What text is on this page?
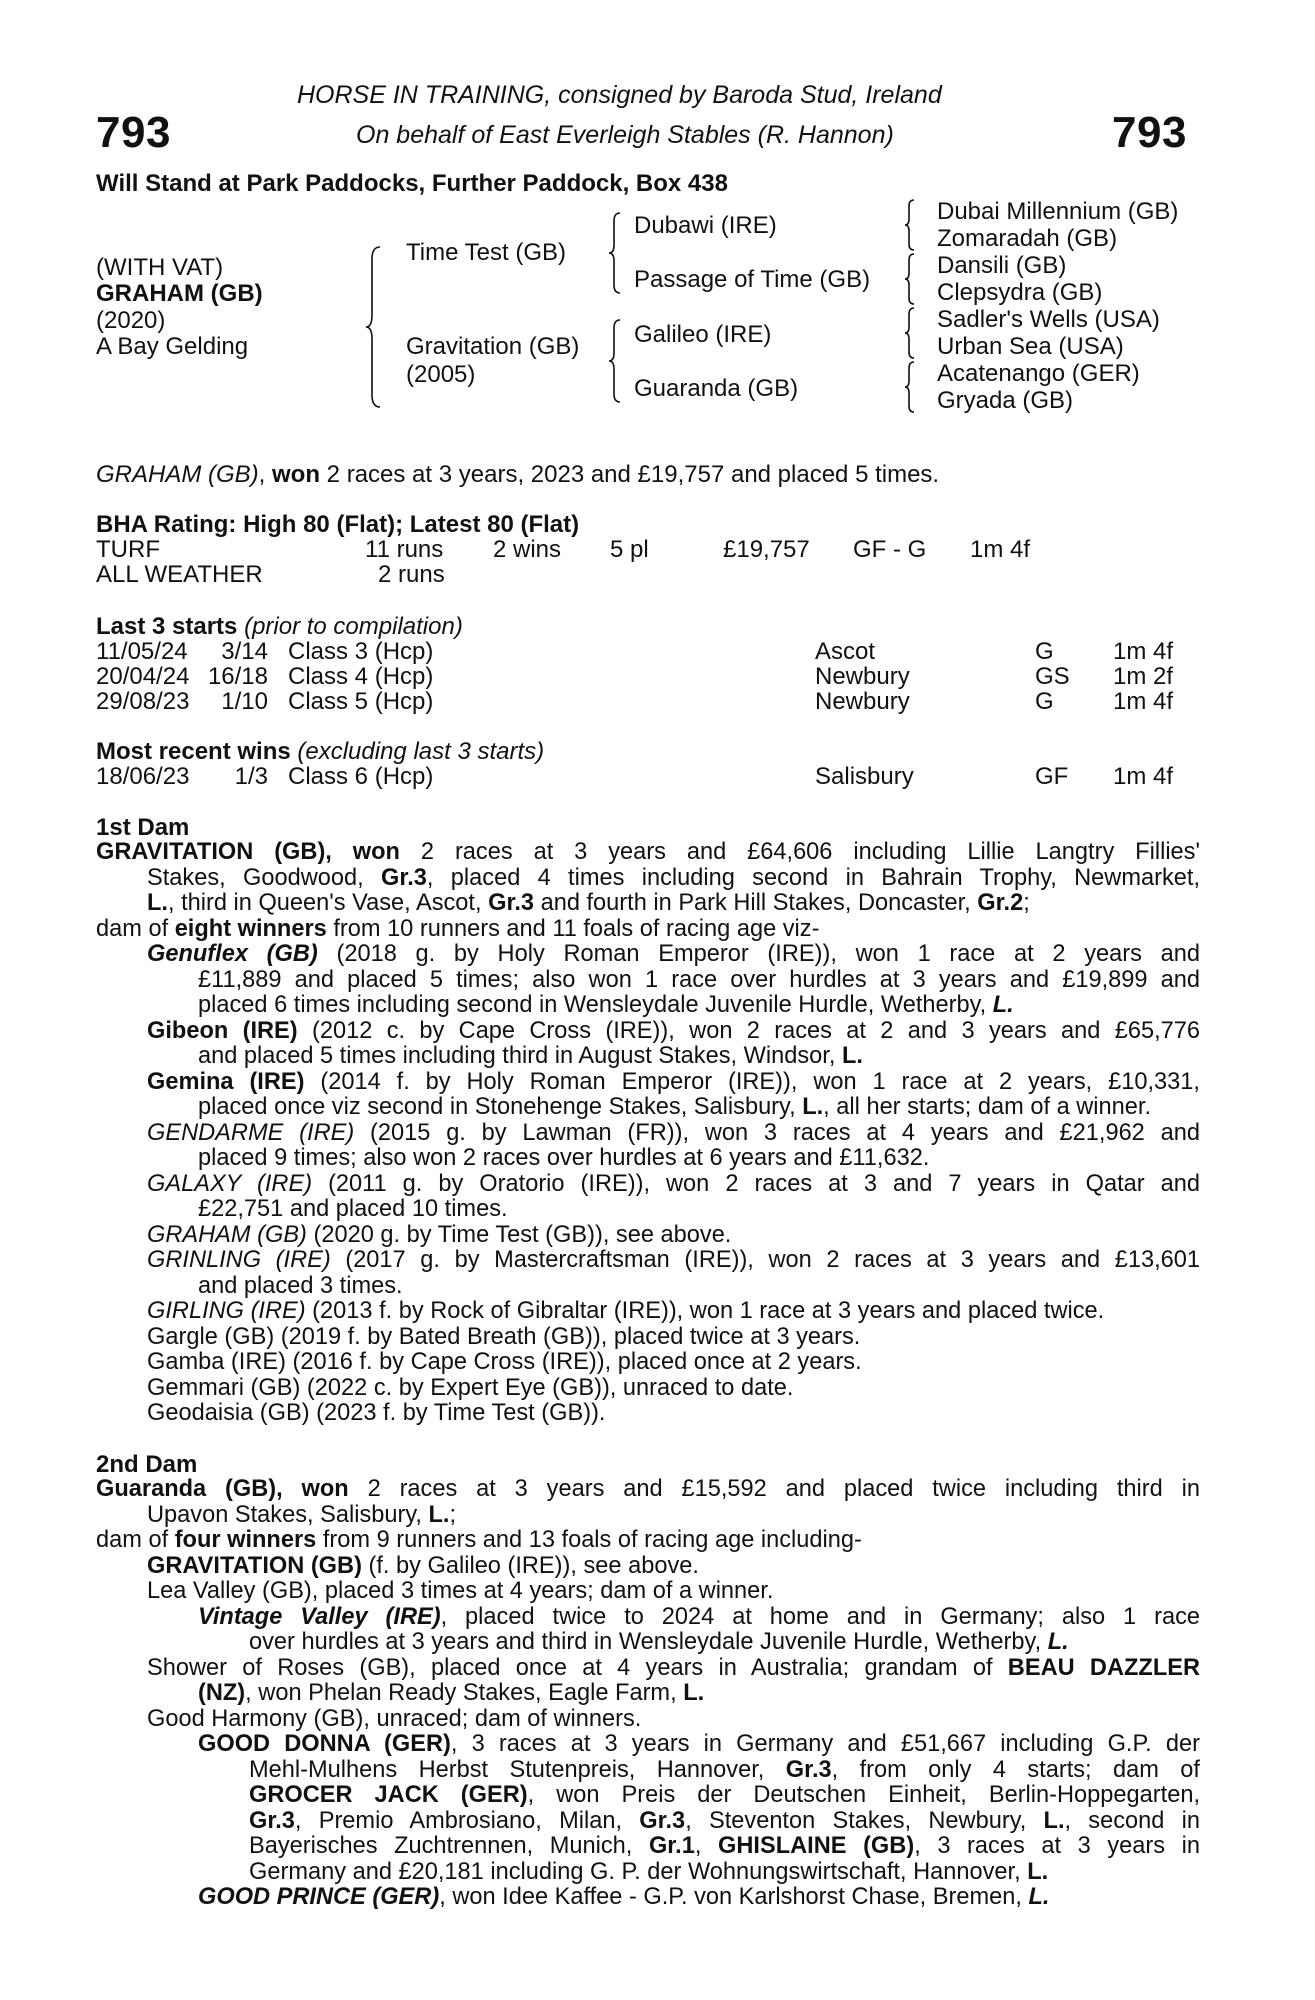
793	793
HORSE IN TRAINING, consigned by Baroda Stud, Ireland
On behalf of East Everleigh Stables (R. Hannon)
Will Stand at Park Paddocks, Further Paddock, Box 438
(WITH VAT)
GRAHAM (GB)
(2020)
A Bay Gelding
Time Test (GB)
Gravitation (GB)
(2005)
Dubawi (IRE)
Passage of Time (GB)
Galileo (IRE)
Guaranda (GB)
Dubai Millennium (GB)
Zomaradah (GB)
Dansili (GB)
Clepsydra (GB)
Sadler's Wells (USA)
Urban Sea (USA)
Acatenango (GER)
Gryada (GB)
GRAHAM (GB), won 2 races at 3 years, 2023 and £19,757 and placed 5 times.
BHA Rating: High 80 (Flat); Latest 80 (Flat)
TURF	11 runs 2 wins 5 pl	£19,757 GF - G 1m 4f
ALL WEATHER	2 runs
Last 3 starts (prior to compilation)
11/05/24 3/14 Class 3 (Hcp)	Ascot	G 1m 4f
20/04/24 16/18 Class 4 (Hcp)	Newbury	GS 1m 2f
29/08/23 1/10 Class 5 (Hcp)	Newbury	G 1m 4f
Most recent wins (excluding last 3 starts)
18/06/23 1/3 Class 6 (Hcp)	Salisbury	GF 1m 4f
1st Dam
GRAVITATION (GB), won 2 races at 3 years and £64,606 including Lillie Langtry Fillies'
Stakes, Goodwood, Gr.3, placed 4 times including second in Bahrain Trophy, Newmarket,
L., third in Queen's Vase, Ascot, Gr.3 and fourth in Park Hill Stakes, Doncaster, Gr.2;
dam of eight winners from 10 runners and 11 foals of racing age viz-
Genuflex (GB) (2018 g. by Holy Roman Emperor (IRE)), won 1 race at 2 years and
£11,889 and placed 5 times; also won 1 race over hurdles at 3 years and £19,899 and
placed 6 times including second in Wensleydale Juvenile Hurdle, Wetherby, L.
Gibeon (IRE) (2012 c. by Cape Cross (IRE)), won 2 races at 2 and 3 years and £65,776
and placed 5 times including third in August Stakes, Windsor, L.
Gemina (IRE) (2014 f. by Holy Roman Emperor (IRE)), won 1 race at 2 years, £10,331,
placed once viz second in Stonehenge Stakes, Salisbury, L., all her starts; dam of a winner.
GENDARME (IRE) (2015 g. by Lawman (FR)), won 3 races at 4 years and £21,962 and
placed 9 times; also won 2 races over hurdles at 6 years and £11,632.
GALAXY (IRE) (2011 g. by Oratorio (IRE)), won 2 races at 3 and 7 years in Qatar and
£22,751 and placed 10 times.
GRAHAM (GB) (2020 g. by Time Test (GB)), see above.
GRINLING (IRE) (2017 g. by Mastercraftsman (IRE)), won 2 races at 3 years and £13,601
and placed 3 times.
GIRLING (IRE) (2013 f. by Rock of Gibraltar (IRE)), won 1 race at 3 years and placed twice.
Gargle (GB) (2019 f. by Bated Breath (GB)), placed twice at 3 years.
Gamba (IRE) (2016 f. by Cape Cross (IRE)), placed once at 2 years.
Gemmari (GB) (2022 c. by Expert Eye (GB)), unraced to date.
Geodaisia (GB) (2023 f. by Time Test (GB)).
2nd Dam
Guaranda (GB), won 2 races at 3 years and £15,592 and placed twice including third in
Upavon Stakes, Salisbury, L.;
dam of four winners from 9 runners and 13 foals of racing age including-
GRAVITATION (GB) (f. by Galileo (IRE)), see above.
Lea Valley (GB), placed 3 times at 4 years; dam of a winner.
Vintage Valley (IRE), placed twice to 2024 at home and in Germany; also 1 race
over hurdles at 3 years and third in Wensleydale Juvenile Hurdle, Wetherby, L.
Shower of Roses (GB), placed once at 4 years in Australia; grandam of BEAU DAZZLER
(NZ), won Phelan Ready Stakes, Eagle Farm, L.
Good Harmony (GB), unraced; dam of winners.
GOOD DONNA (GER), 3 races at 3 years in Germany and £51,667 including G.P. der
Mehl-Mulhens Herbst Stutenpreis, Hannover, Gr.3, from only 4 starts; dam of
GROCER JACK (GER), won Preis der Deutschen Einheit, Berlin-Hoppegarten,
Gr.3, Premio Ambrosiano, Milan, Gr.3, Steventon Stakes, Newbury, L., second in
Bayerisches Zuchtrennen, Munich, Gr.1, GHISLAINE (GB), 3 races at 3 years in
Germany and £20,181 including G. P. der Wohnungswirtschaft, Hannover, L.
GOOD PRINCE (GER), won Idee Kaffee - G.P. von Karlshorst Chase, Bremen, L.
